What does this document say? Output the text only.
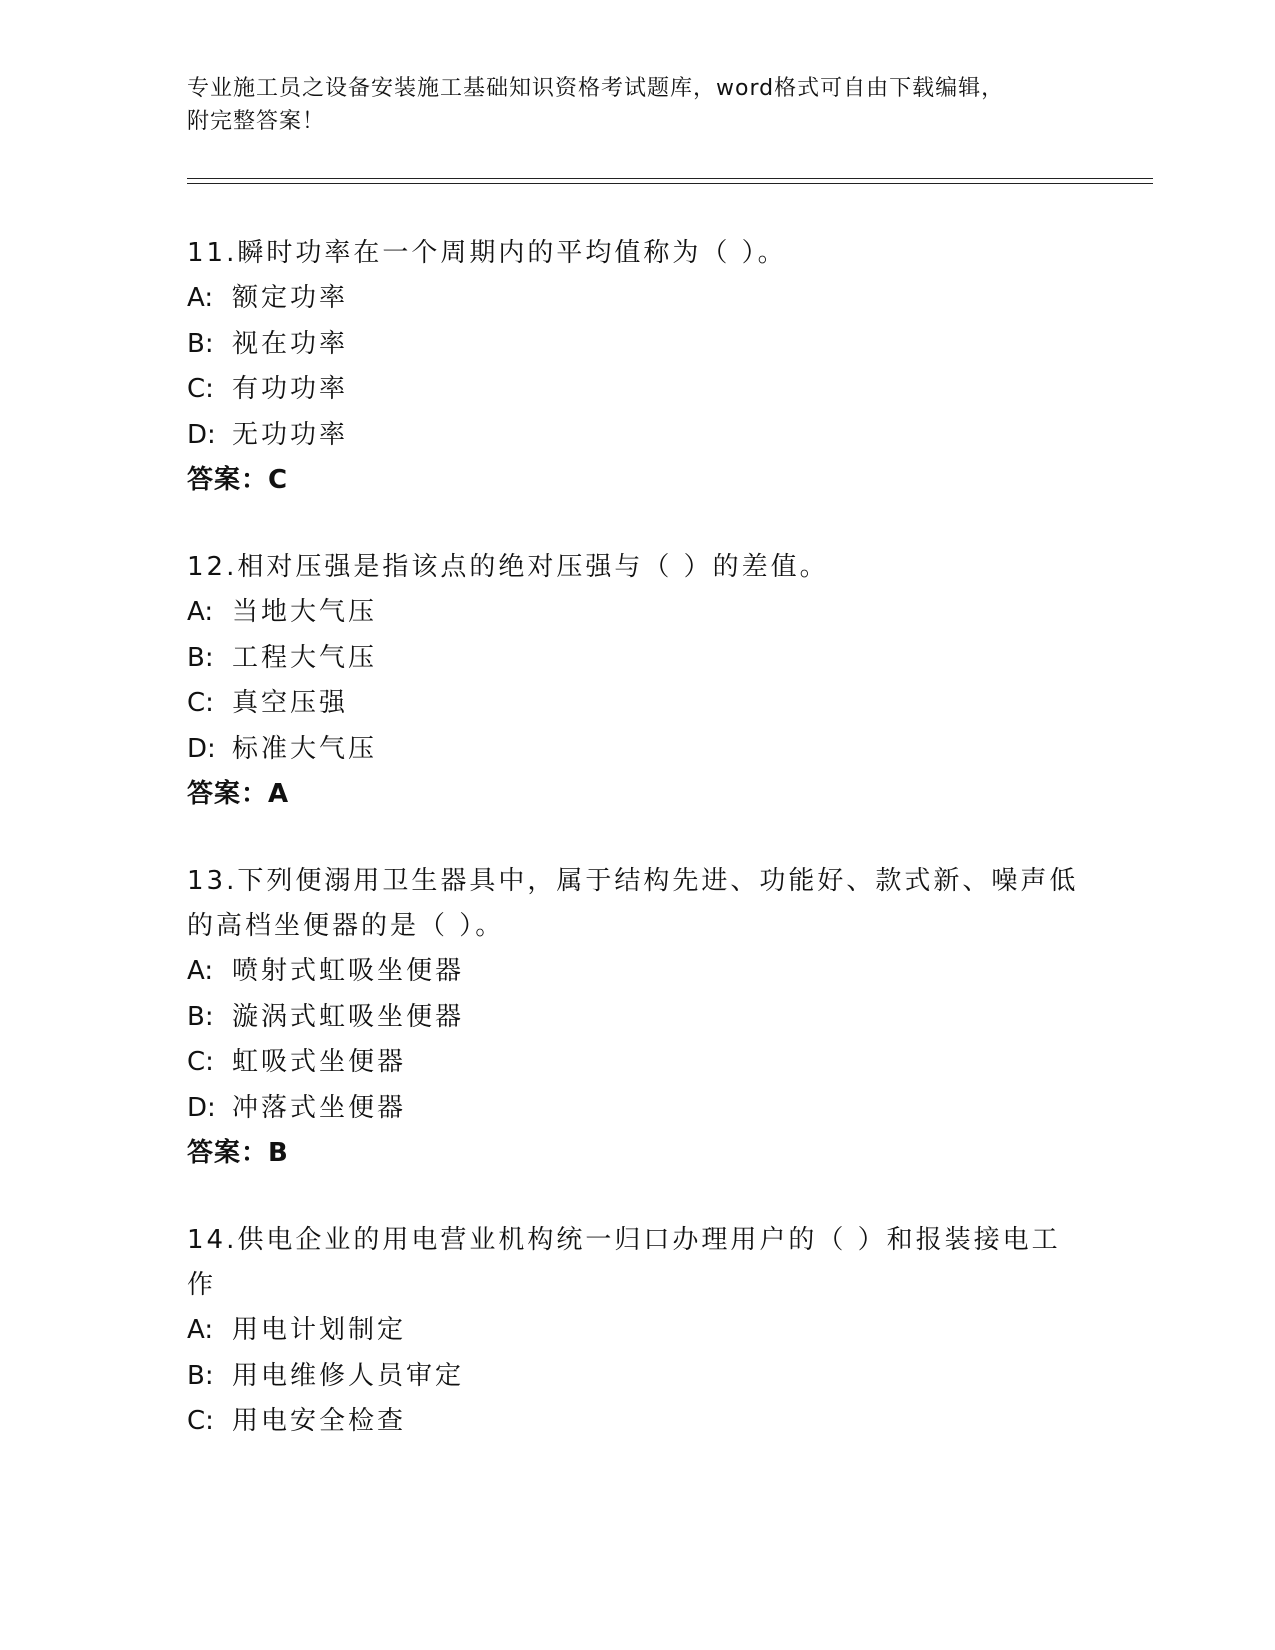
专业施工员之设备安装施工基础知识资格考试题库，word格式可自由下载编辑，
附完整答案！

11.瞬时功率在一个周期内的平均值称为（ ）。

A: 额定功率
B: 视在功率
C: 有功功率
D: 无功功率
答案：C

12.相对压强是指该点的绝对压强与（ ）的差值。

A: 当地大气压
B: 工程大气压
C: 真空压强
D: 标准大气压
答案：A

13.下列便溺用卫生器具中，属于结构先进、功能好、款式新、噪声低的高档坐便器的是（ ）。

A: 喷射式虹吸坐便器
B: 漩涡式虹吸坐便器
C: 虹吸式坐便器
D: 冲落式坐便器
答案：B

14.供电企业的用电营业机构统一归口办理用户的（ ）和报装接电工作

A: 用电计划制定
B: 用电维修人员审定
C: 用电安全检查
